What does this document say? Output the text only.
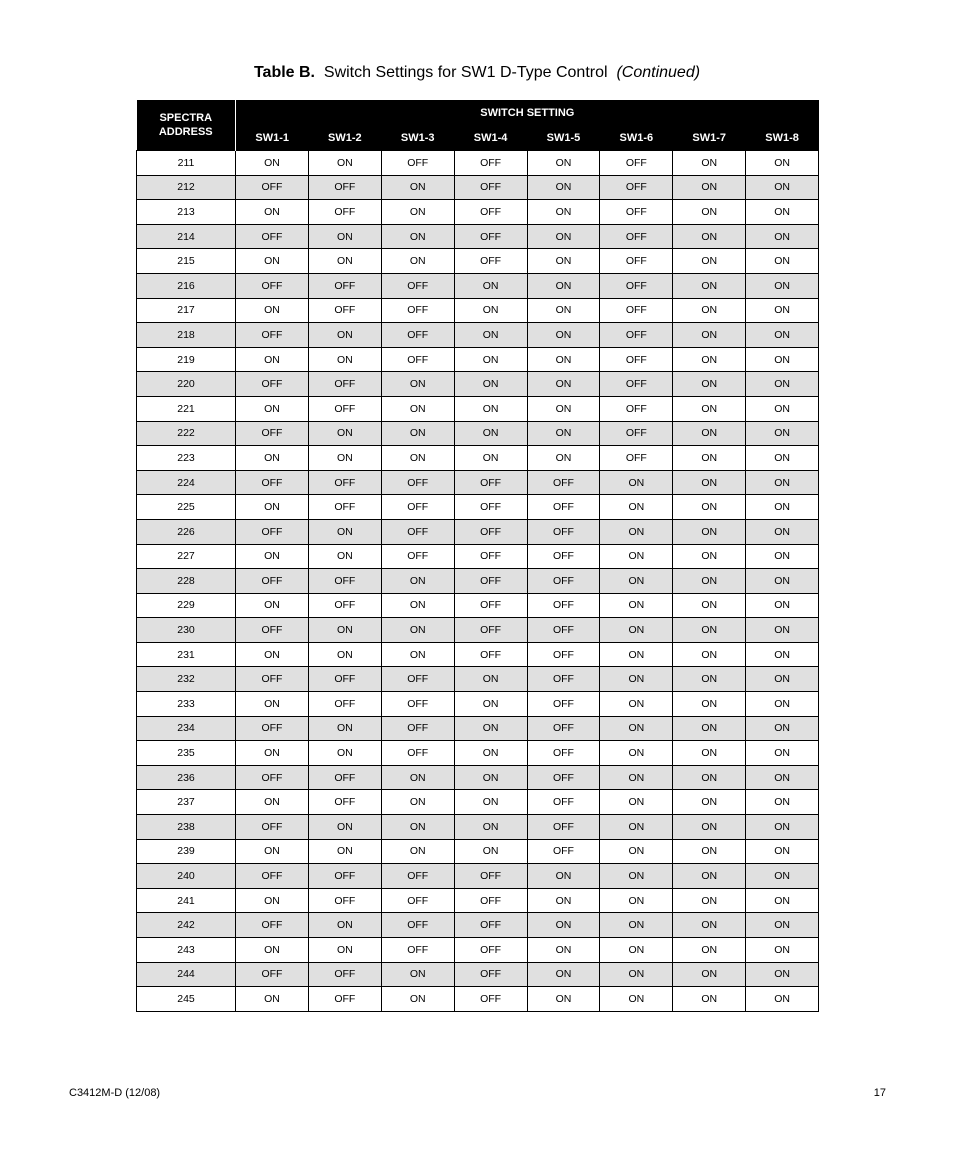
Table B. Switch Settings for SW1 D-Type Control (Continued)
SPECTRA
ADDRESS	SWITCH SETTING							
	SW1-1	SW1-2	SW1-3	SW1-4	SW1-5	SW1-6	SW1-7	SW1-8
211	ON	ON	OFF	OFF	ON	OFF	ON	ON
212	OFF	OFF	ON	OFF	ON	OFF	ON	ON
213	ON	OFF	ON	OFF	ON	OFF	ON	ON
214	OFF	ON	ON	OFF	ON	OFF	ON	ON
215	ON	ON	ON	OFF	ON	OFF	ON	ON
216	OFF	OFF	OFF	ON	ON	OFF	ON	ON
217	ON	OFF	OFF	ON	ON	OFF	ON	ON
218	OFF	ON	OFF	ON	ON	OFF	ON	ON
219	ON	ON	OFF	ON	ON	OFF	ON	ON
220	OFF	OFF	ON	ON	ON	OFF	ON	ON
221	ON	OFF	ON	ON	ON	OFF	ON	ON
222	OFF	ON	ON	ON	ON	OFF	ON	ON
223	ON	ON	ON	ON	ON	OFF	ON	ON
224	OFF	OFF	OFF	OFF	OFF	ON	ON	ON
225	ON	OFF	OFF	OFF	OFF	ON	ON	ON
226	OFF	ON	OFF	OFF	OFF	ON	ON	ON
227	ON	ON	OFF	OFF	OFF	ON	ON	ON
228	OFF	OFF	ON	OFF	OFF	ON	ON	ON
229	ON	OFF	ON	OFF	OFF	ON	ON	ON
230	OFF	ON	ON	OFF	OFF	ON	ON	ON
231	ON	ON	ON	OFF	OFF	ON	ON	ON
232	OFF	OFF	OFF	ON	OFF	ON	ON	ON
233	ON	OFF	OFF	ON	OFF	ON	ON	ON
234	OFF	ON	OFF	ON	OFF	ON	ON	ON
235	ON	ON	OFF	ON	OFF	ON	ON	ON
236	OFF	OFF	ON	ON	OFF	ON	ON	ON
237	ON	OFF	ON	ON	OFF	ON	ON	ON
238	OFF	ON	ON	ON	OFF	ON	ON	ON
239	ON	ON	ON	ON	OFF	ON	ON	ON
240	OFF	OFF	OFF	OFF	ON	ON	ON	ON
241	ON	OFF	OFF	OFF	ON	ON	ON	ON
242	OFF	ON	OFF	OFF	ON	ON	ON	ON
243	ON	ON	OFF	OFF	ON	ON	ON	ON
244	OFF	OFF	ON	OFF	ON	ON	ON	ON
245	ON	OFF	ON	OFF	ON	ON	ON	ON
C3412M-D (12/08)	17
